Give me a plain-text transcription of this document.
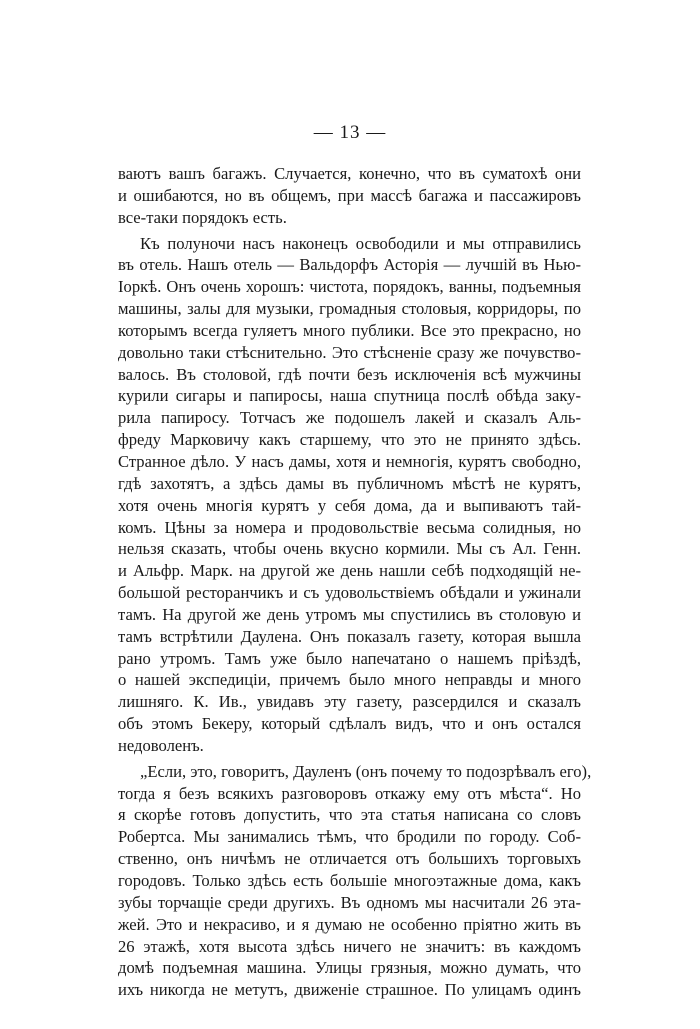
— 13 —
ваютъ вашъ багажъ. Случается, конечно, что въ суматохѣ они
и ошибаются, но въ общемъ, при массѣ багажа и пассажировъ
все-таки порядокъ есть.
Къ полуночи насъ наконецъ освободили и мы отправились
въ отель. Нашъ отель — Вальдорфъ Асторія — лучшій въ Нью-
Іоркѣ. Онъ очень хорошъ: чистота, порядокъ, ванны, подъемныя
машины, залы для музыки, громадныя столовыя, корридоры, по
которымъ всегда гуляетъ много публики. Все это прекрасно, но
довольно таки стѣснительно. Это стѣсненіе сразу же почувство-
валось. Въ столовой, гдѣ почти безъ исключенія всѣ мужчины
курили сигары и папиросы, наша спутница послѣ обѣда заку-
рила папиросу. Тотчасъ же подошелъ лакей и сказалъ Аль-
фреду Марковичу какъ старшему, что это не принято здѣсь.
Странное дѣло. У насъ дамы, хотя и немногія, курятъ свободно,
гдѣ захотятъ, а здѣсь дамы въ публичномъ мѣстѣ не курятъ,
хотя очень многія курятъ у себя дома, да и выпиваютъ тай-
комъ. Цѣны за номера и продовольствіе весьма солидныя, но
нельзя сказать, чтобы очень вкусно кормили. Мы съ Ал. Генн.
и Альфр. Марк. на другой же день нашли себѣ подходящій не-
большой ресторанчикъ и съ удовольствіемъ обѣдали и ужинали
тамъ. На другой же день утромъ мы спустились въ столовую и
тамъ встрѣтили Дауленa. Онъ показалъ газету, которая вышла
рано утромъ. Тамъ уже было напечатано о нашемъ пріѣздѣ,
о нашей экспедиціи, причемъ было много неправды и много
лишняго. К. Ив., увидавъ эту газету, разсердился и сказалъ
объ этомъ Бекеру, который сдѣлалъ видъ, что и онъ остался
недоволенъ.
„Если, это, говоритъ, Дауленъ (онъ почему то подозрѣвалъ его),
тогда я безъ всякихъ разговоровъ откажу ему отъ мѣста“. Но
я скорѣе готовъ допустить, что эта статья написана со словъ
Робертса. Мы занимались тѣмъ, что бродили по городу. Соб-
ственно, онъ ничѣмъ не отличается отъ большихъ торговыхъ
городовъ. Только здѣсь есть большіе многоэтажные дома, какъ
зубы торчащіе среди другихъ. Въ одномъ мы насчитали 26 эта-
жей. Это и некрасиво, и я думаю не особенно пріятно жить въ
26 этажѣ, хотя высота здѣсь ничего не значитъ: въ каждомъ
домѣ подъемная машина. Улицы грязныя, можно думать, что
ихъ никогда не метутъ, движеніе страшное. По улицамъ одинъ
